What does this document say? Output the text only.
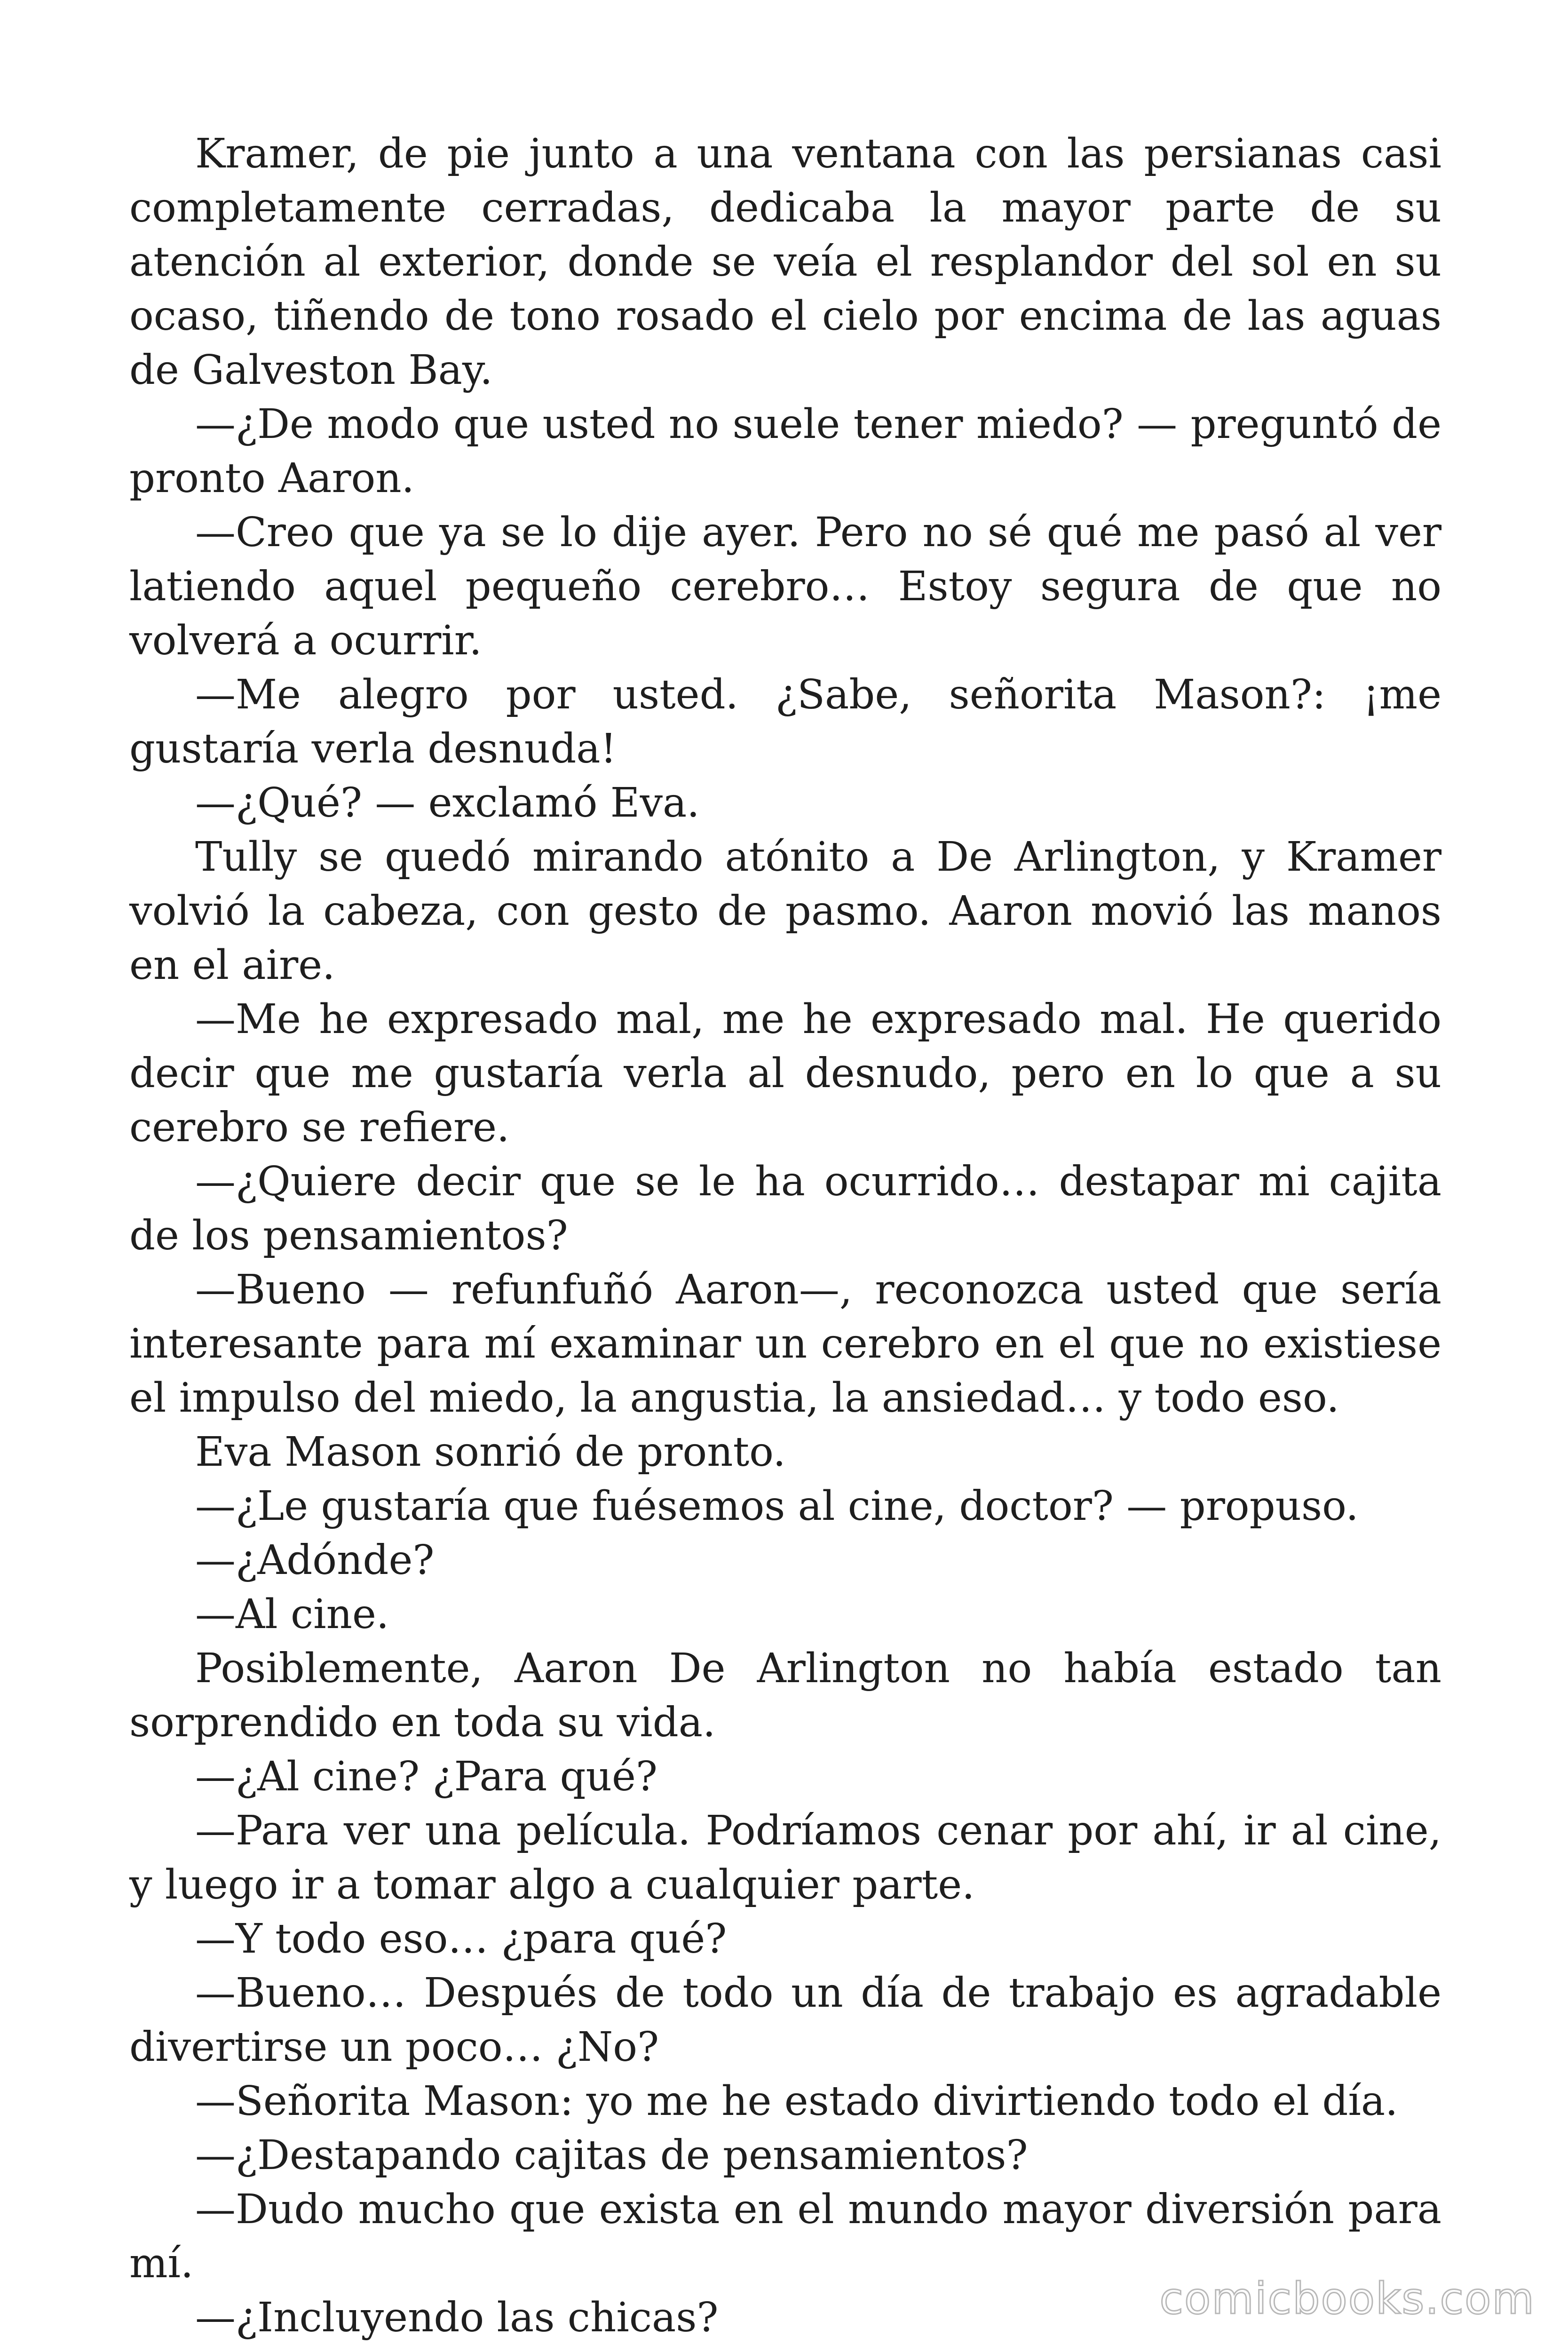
Kramer, de pie junto a una ventana con las persianas casi completamente cerradas, dedicaba la mayor parte de su atención al exterior, donde se veía el resplandor del sol en su ocaso, tiñendo de tono rosado el cielo por encima de las aguas de Galveston Bay.

—¿De modo que usted no suele tener miedo? — preguntó de pronto Aaron.

—Creo que ya se lo dije ayer. Pero no sé qué me pasó al ver latiendo aquel pequeño cerebro… Estoy segura de que no volverá a ocurrir.

—Me alegro por usted. ¿Sabe, señorita Mason?: ¡me gustaría verla desnuda!

—¿Qué? — exclamó Eva.

Tully se quedó mirando atónito a De Arlington, y Kramer volvió la cabeza, con gesto de pasmo. Aaron movió las manos en el aire.

—Me he expresado mal, me he expresado mal. He querido decir que me gustaría verla al desnudo, pero en lo que a su cerebro se refiere.

—¿Quiere decir que se le ha ocurrido… destapar mi cajita de los pensamientos?

—Bueno — refunfuñó Aaron—, reconozca usted que sería interesante para mí examinar un cerebro en el que no existiese el impulso del miedo, la angustia, la ansiedad… y todo eso.

Eva Mason sonrió de pronto.

—¿Le gustaría que fuésemos al cine, doctor? — propuso.

—¿Adónde?

—Al cine.

Posiblemente, Aaron De Arlington no había estado tan sorprendido en toda su vida.

—¿Al cine? ¿Para qué?

—Para ver una película. Podríamos cenar por ahí, ir al cine, y luego ir a tomar algo a cualquier parte.

—Y todo eso… ¿para qué?

—Bueno… Después de todo un día de trabajo es agradable divertirse un poco… ¿No?

—Señorita Mason: yo me he estado divirtiendo todo el día.

—¿Destapando cajitas de pensamientos?

—Dudo mucho que exista en el mundo mayor diversión para mí.

—¿Incluyendo las chicas?	comicbooks.com
